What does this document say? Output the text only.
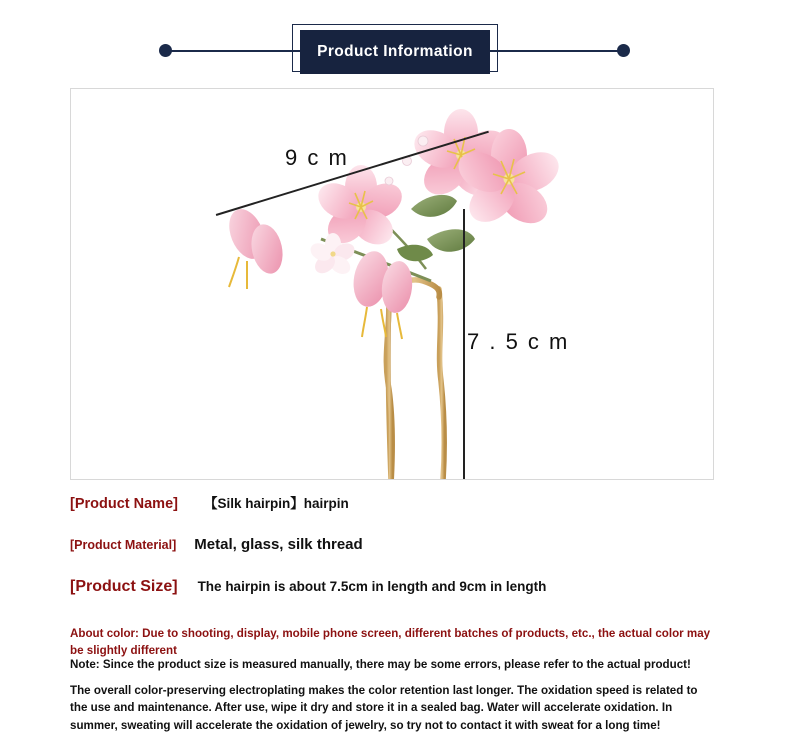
Product Information
9 c m
7 . 5 c m
[Product Name] 【Silk hairpin】hairpin
[Product Material] Metal, glass, silk thread
[Product Size] The hairpin is about 7.5cm in length and 9cm in length
About color: Due to shooting, display, mobile phone screen, different batches of products, etc., the actual color may be slightly different
Note: Since the product size is measured manually, there may be some errors, please refer to the actual product!
The overall color-preserving electroplating makes the color retention last longer. The oxidation speed is related to the use and maintenance. After use, wipe it dry and store it in a sealed bag. Water will accelerate oxidation. In summer, sweating will accelerate the oxidation of jewelry, so try not to contact it with sweat for a long time!
